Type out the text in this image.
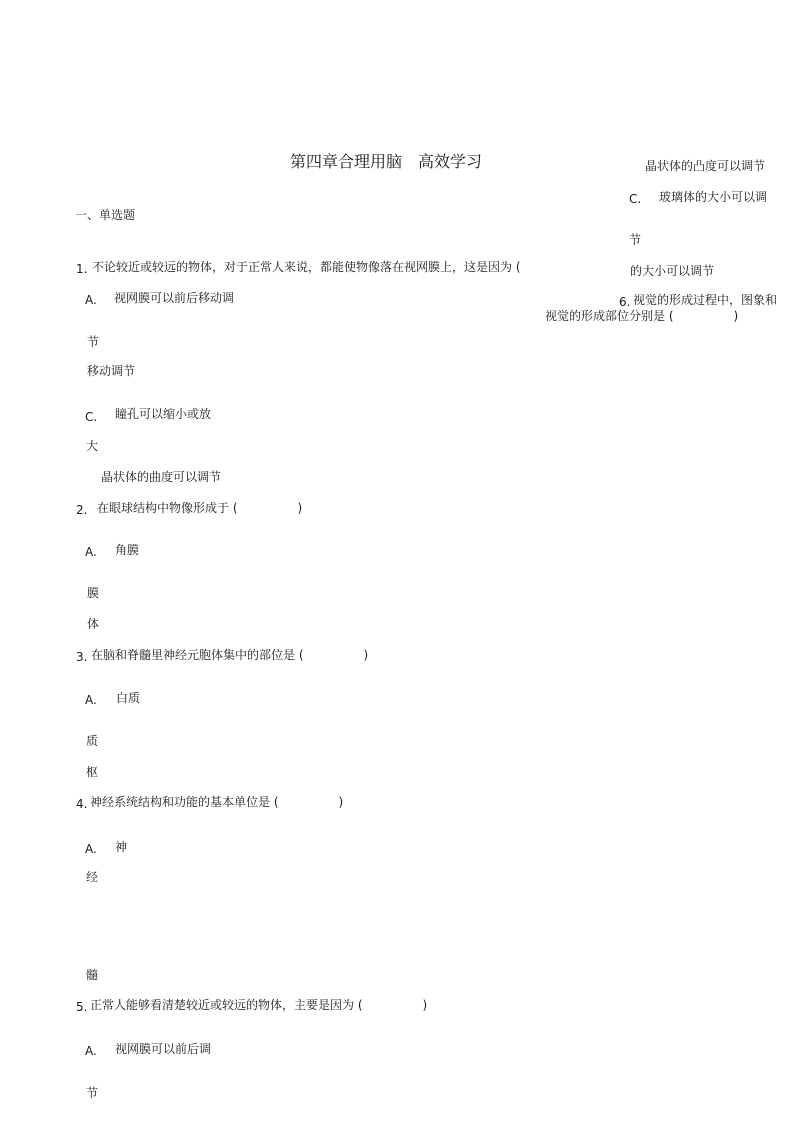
第四章合理用脑　高效学习	晶状体的凸度可以调节
C. 玻璃体的大小可以调
节
的大小可以调节
6. 视觉的形成过程中，图象和
视觉的形成部位分别是 (　　　　　)
一、单选题
1. 不论较近或较远的物体，对于正常人来说，都能使物像落在视网膜上，这是因为 (
A. 视网膜可以前后移动调
节
移动调节
C. 瞳孔可以缩小或放
大
晶状体的曲度可以调节
2. 在眼球结构中物像形成于 (　　　　　)
A. 角膜
膜
体
3. 在脑和脊髓里神经元胞体集中的部位是 (　　　　　)
A. 白质
质
枢
4. 神经系统结构和功能的基本单位是 (　　　　　)
A. 神
经
髓
5. 正常人能够看清楚较近或较远的物体，主要是因为 (　　　　　)
A. 视网膜可以前后调
节
